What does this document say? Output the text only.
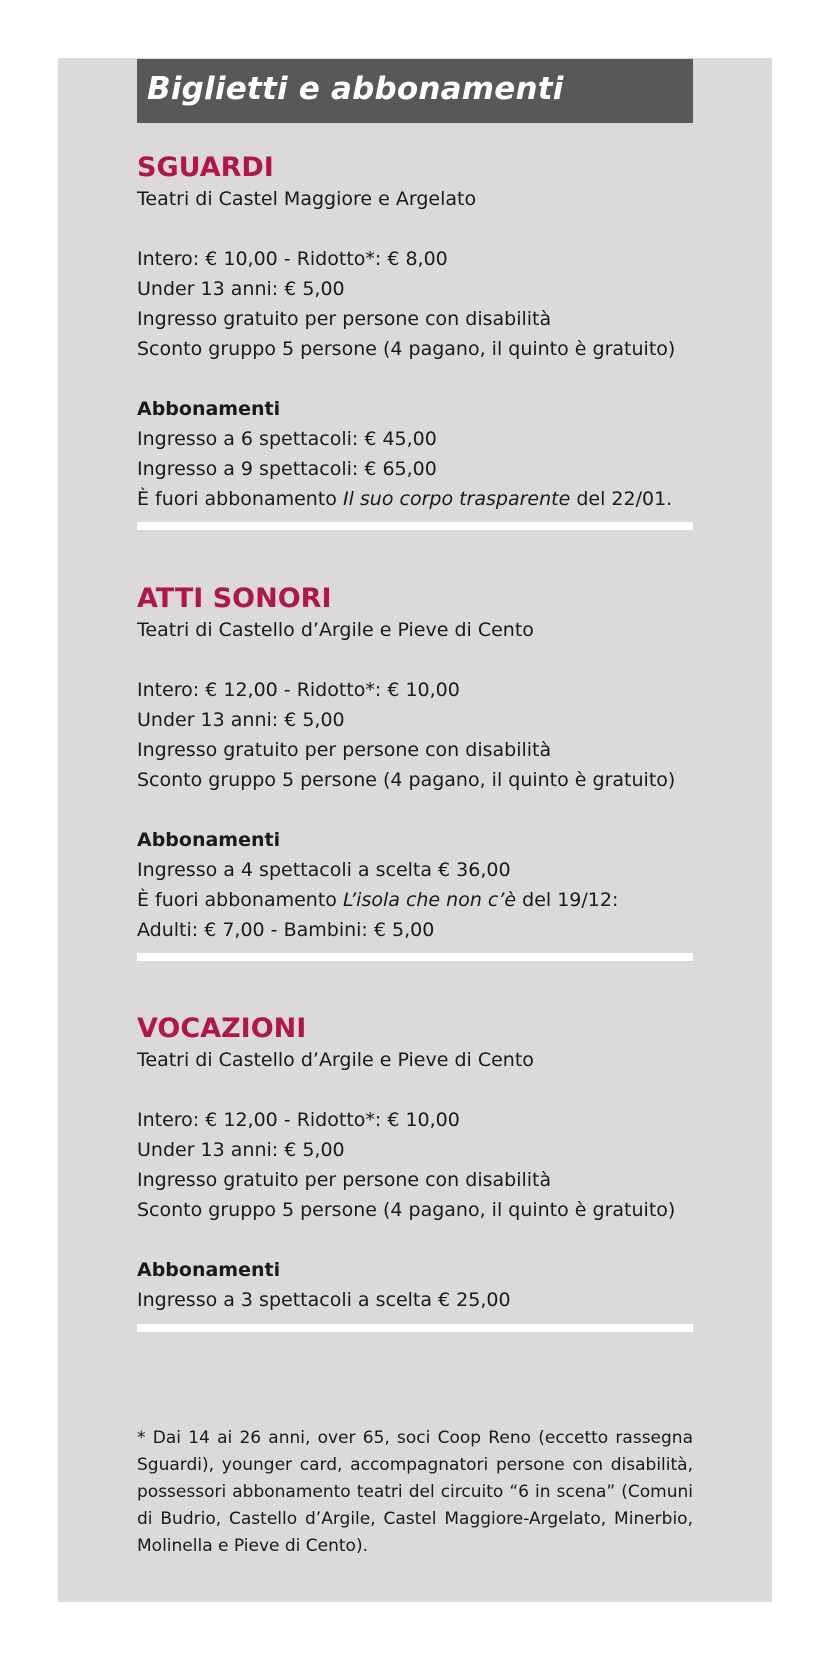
Biglietti e abbonamenti
SGUARDI
Teatri di Castel Maggiore e Argelato
Intero: € 10,00 - Ridotto*: € 8,00
Under 13 anni: € 5,00
Ingresso gratuito per persone con disabilità
Sconto gruppo 5 persone (4 pagano, il quinto è gratuito)
Abbonamenti
Ingresso a 6 spettacoli: € 45,00
Ingresso a 9 spettacoli: € 65,00
È fuori abbonamento Il suo corpo trasparente del 22/01.
ATTI SONORI
Teatri di Castello d’Argile e Pieve di Cento
Intero: € 12,00 - Ridotto*: € 10,00
Under 13 anni: € 5,00
Ingresso gratuito per persone con disabilità
Sconto gruppo 5 persone (4 pagano, il quinto è gratuito)
Abbonamenti
Ingresso a 4 spettacoli a scelta € 36,00
È fuori abbonamento L’isola che non c’è del 19/12:
Adulti: € 7,00 - Bambini: € 5,00
VOCAZIONI
Teatri di Castello d’Argile e Pieve di Cento
Intero: € 12,00 - Ridotto*: € 10,00
Under 13 anni: € 5,00
Ingresso gratuito per persone con disabilità
Sconto gruppo 5 persone (4 pagano, il quinto è gratuito)
Abbonamenti
Ingresso a 3 spettacoli a scelta € 25,00
* Dai 14 ai 26 anni, over 65, soci Coop Reno (eccetto rassegna Sguardi), younger card, accompagnatori persone con disabilità, possessori abbonamento teatri del circuito “6 in scena” (Comuni di Budrio, Castello d’Argile, Castel Maggiore-Argelato, Minerbio, Molinella e Pieve di Cento).
